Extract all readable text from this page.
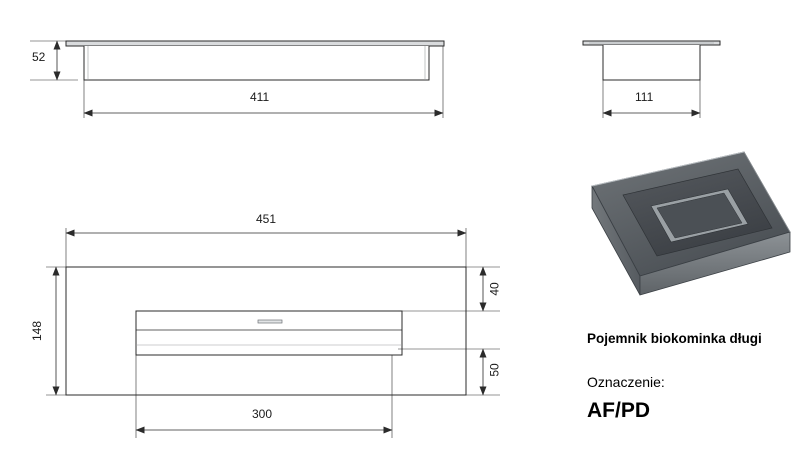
52
411	111
451
148
40
50
300
Pojemnik biokominka długi
Oznaczenie:
AF/PD
